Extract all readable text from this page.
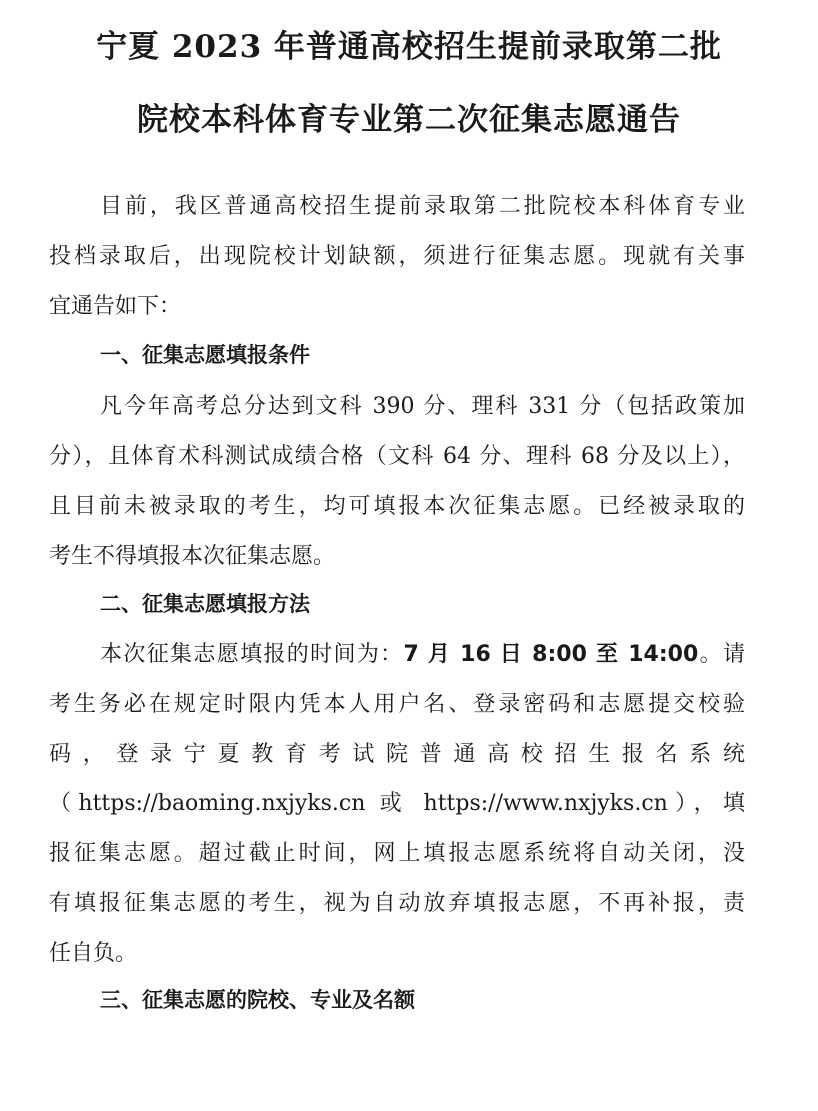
宁夏 2023 年普通高校招生提前录取第二批
院校本科体育专业第二次征集志愿通告

目前，我区普通高校招生提前录取第二批院校本科体育专业

投档录取后，出现院校计划缺额，须进行征集志愿。现就有关事

宜通告如下：

一、征集志愿填报条件

凡今年高考总分达到文科 390 分、理科 331 分（包括政策加

分），且体育术科测试成绩合格（文科 64 分、理科 68 分及以上），

且目前未被录取的考生，均可填报本次征集志愿。已经被录取的

考生不得填报本次征集志愿。

二、征集志愿填报方法

本次征集志愿填报的时间为：7 月 16 日 8:00 至 14:00。请

考生务必在规定时限内凭本人用户名、登录密码和志愿提交校验

码，登录宁夏教育考试院普通高校招生报名系统

（https://baoming.nxjyks.cn 或 https://www.nxjyks.cn），填

报征集志愿。超过截止时间，网上填报志愿系统将自动关闭，没

有填报征集志愿的考生，视为自动放弃填报志愿，不再补报，责

任自负。

三、征集志愿的院校、专业及名额
